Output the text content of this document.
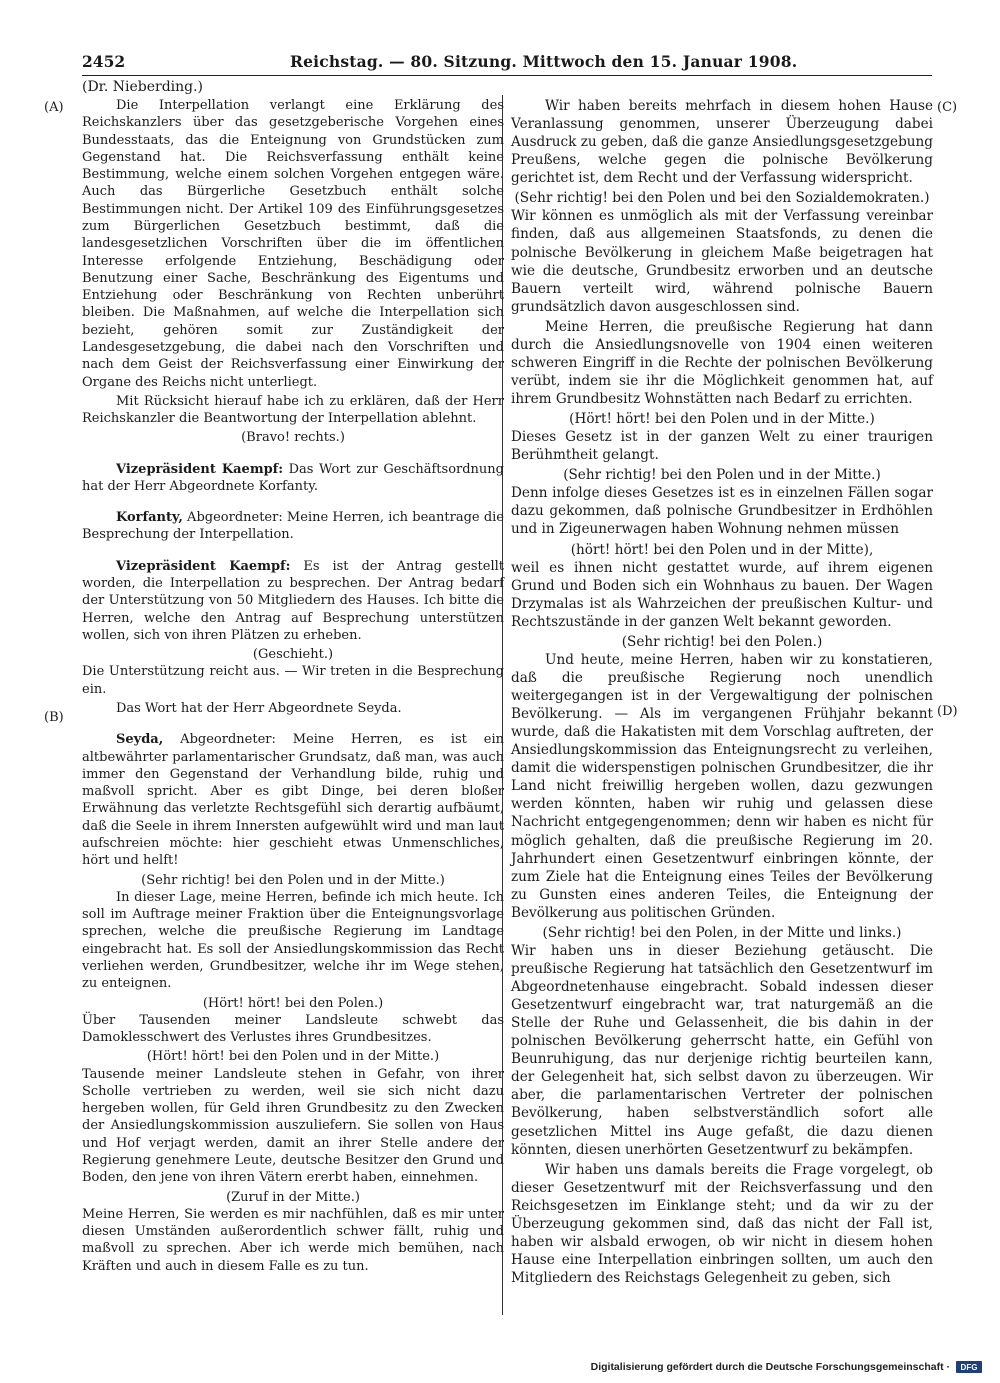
2452	Reichstag. — 80. Sitzung. Mittwoch den 15. Januar 1908.
(Dr. Nieberding.)
(A)
(B)
(C)
(D)

Die Interpellation verlangt eine Erklärung des Reichskanzlers über das gesetzgeberische Vorgehen eines Bundesstaats, das die Enteignung von Grundstücken zum Gegenstand hat. Die Reichsverfassung enthält keine Bestimmung, welche einem solchen Vorgehen entgegen wäre. Auch das Bürgerliche Gesetzbuch enthält solche Bestimmungen nicht. Der Artikel 109 des Einführungsgesetzes zum Bürgerlichen Gesetzbuch bestimmt, daß die landesgesetzlichen Vorschriften über die im öffentlichen Interesse erfolgende Entziehung, Beschädigung oder Benutzung einer Sache, Beschränkung des Eigentums und Entziehung oder Beschränkung von Rechten unberührt bleiben. Die Maßnahmen, auf welche die Interpellation sich bezieht, gehören somit zur Zuständigkeit der Landesgesetzgebung, die dabei nach den Vorschriften und nach dem Geist der Reichsverfassung einer Einwirkung der Organe des Reichs nicht unterliegt.

Mit Rücksicht hierauf habe ich zu erklären, daß der Herr Reichskanzler die Beantwortung der Interpellation ablehnt.

(Bravo! rechts.)

Vizepräsident Kaempf: Das Wort zur Geschäftsordnung hat der Herr Abgeordnete Korfanty.

Korfanty, Abgeordneter: Meine Herren, ich beantrage die Besprechung der Interpellation.

Vizepräsident Kaempf: Es ist der Antrag gestellt worden, die Interpellation zu besprechen. Der Antrag bedarf der Unterstützung von 50 Mitgliedern des Hauses. Ich bitte die Herren, welche den Antrag auf Besprechung unterstützen wollen, sich von ihren Plätzen zu erheben.

(Geschieht.)

Die Unterstützung reicht aus. — Wir treten in die Besprechung ein.

Das Wort hat der Herr Abgeordnete Seyda.

Seyda, Abgeordneter: Meine Herren, es ist ein altbewährter parlamentarischer Grundsatz, daß man, was auch immer den Gegenstand der Verhandlung bilde, ruhig und maßvoll spricht. Aber es gibt Dinge, bei deren bloßer Erwähnung das verletzte Rechtsgefühl sich derartig aufbäumt, daß die Seele in ihrem Innersten aufgewühlt wird und man laut aufschreien möchte: hier geschieht etwas Unmenschliches, hört und helft!

(Sehr richtig! bei den Polen und in der Mitte.)

In dieser Lage, meine Herren, befinde ich mich heute. Ich soll im Auftrage meiner Fraktion über die Enteignungsvorlage sprechen, welche die preußische Regierung im Landtage eingebracht hat. Es soll der Ansiedlungskommission das Recht verliehen werden, Grundbesitzer, welche ihr im Wege stehen, zu enteignen.

(Hört! hört! bei den Polen.)

Über Tausenden meiner Landsleute schwebt das Damoklesschwert des Verlustes ihres Grundbesitzes.

(Hört! hört! bei den Polen und in der Mitte.)

Tausende meiner Landsleute stehen in Gefahr, von ihrer Scholle vertrieben zu werden, weil sie sich nicht dazu hergeben wollen, für Geld ihren Grundbesitz zu den Zwecken der Ansiedlungskommission auszuliefern. Sie sollen von Haus und Hof verjagt werden, damit an ihrer Stelle andere der Regierung genehmere Leute, deutsche Besitzer den Grund und Boden, den jene von ihren Vätern ererbt haben, einnehmen.

(Zuruf in der Mitte.)

Meine Herren, Sie werden es mir nachfühlen, daß es mir unter diesen Umständen außerordentlich schwer fällt, ruhig und maßvoll zu sprechen. Aber ich werde mich bemühen, nach Kräften und auch in diesem Falle es zu tun.

Wir haben bereits mehrfach in diesem hohen Hause Veranlassung genommen, unserer Überzeugung dabei Ausdruck zu geben, daß die ganze Ansiedlungsgesetzgebung Preußens, welche gegen die polnische Bevölkerung gerichtet ist, dem Recht und der Verfassung widerspricht.

(Sehr richtig! bei den Polen und bei den Sozialdemokraten.)

Wir können es unmöglich als mit der Verfassung vereinbar finden, daß aus allgemeinen Staatsfonds, zu denen die polnische Bevölkerung in gleichem Maße beigetragen hat wie die deutsche, Grundbesitz erworben und an deutsche Bauern verteilt wird, während polnische Bauern grundsätzlich davon ausgeschlossen sind.

Meine Herren, die preußische Regierung hat dann durch die Ansiedlungsnovelle von 1904 einen weiteren schweren Eingriff in die Rechte der polnischen Bevölkerung verübt, indem sie ihr die Möglichkeit genommen hat, auf ihrem Grundbesitz Wohnstätten nach Bedarf zu errichten.

(Hört! hört! bei den Polen und in der Mitte.)

Dieses Gesetz ist in der ganzen Welt zu einer traurigen Berühmtheit gelangt.

(Sehr richtig! bei den Polen und in der Mitte.)

Denn infolge dieses Gesetzes ist es in einzelnen Fällen sogar dazu gekommen, daß polnische Grundbesitzer in Erdhöhlen und in Zigeunerwagen haben Wohnung nehmen müssen

(hört! hört! bei den Polen und in der Mitte),

weil es ihnen nicht gestattet wurde, auf ihrem eigenen Grund und Boden sich ein Wohnhaus zu bauen. Der Wagen Drzymalas ist als Wahrzeichen der preußischen Kultur- und Rechtszustände in der ganzen Welt bekannt geworden.

(Sehr richtig! bei den Polen.)

Und heute, meine Herren, haben wir zu konstatieren, daß die preußische Regierung noch unendlich weitergegangen ist in der Vergewaltigung der polnischen Bevölkerung. — Als im vergangenen Frühjahr bekannt wurde, daß die Hakatisten mit dem Vorschlag auftreten, der Ansiedlungskommission das Enteignungsrecht zu verleihen, damit die widerspenstigen polnischen Grundbesitzer, die ihr Land nicht freiwillig hergeben wollen, dazu gezwungen werden könnten, haben wir ruhig und gelassen diese Nachricht entgegengenommen; denn wir haben es nicht für möglich gehalten, daß die preußische Regierung im 20. Jahrhundert einen Gesetzentwurf einbringen könnte, der zum Ziele hat die Enteignung eines Teiles der Bevölkerung zu Gunsten eines anderen Teiles, die Enteignung der Bevölkerung aus politischen Gründen.

(Sehr richtig! bei den Polen, in der Mitte und links.)

Wir haben uns in dieser Beziehung getäuscht. Die preußische Regierung hat tatsächlich den Gesetzentwurf im Abgeordnetenhause eingebracht. Sobald indessen dieser Gesetzentwurf eingebracht war, trat naturgemäß an die Stelle der Ruhe und Gelassenheit, die bis dahin in der polnischen Bevölkerung geherrscht hatte, ein Gefühl von Beunruhigung, das nur derjenige richtig beurteilen kann, der Gelegenheit hat, sich selbst davon zu überzeugen. Wir aber, die parlamentarischen Vertreter der polnischen Bevölkerung, haben selbstverständlich sofort alle gesetzlichen Mittel ins Auge gefaßt, die dazu dienen könnten, diesen unerhörten Gesetzentwurf zu bekämpfen.

Wir haben uns damals bereits die Frage vorgelegt, ob dieser Gesetzentwurf mit der Reichsverfassung und den Reichsgesetzen im Einklange steht; und da wir zu der Überzeugung gekommen sind, daß das nicht der Fall ist, haben wir alsbald erwogen, ob wir nicht in diesem hohen Hause eine Interpellation einbringen sollten, um auch den Mitgliedern des Reichstags Gelegenheit zu geben, sich

Digitalisierung gefördert durch die Deutsche Forschungsgemeinschaft ·	DFG
